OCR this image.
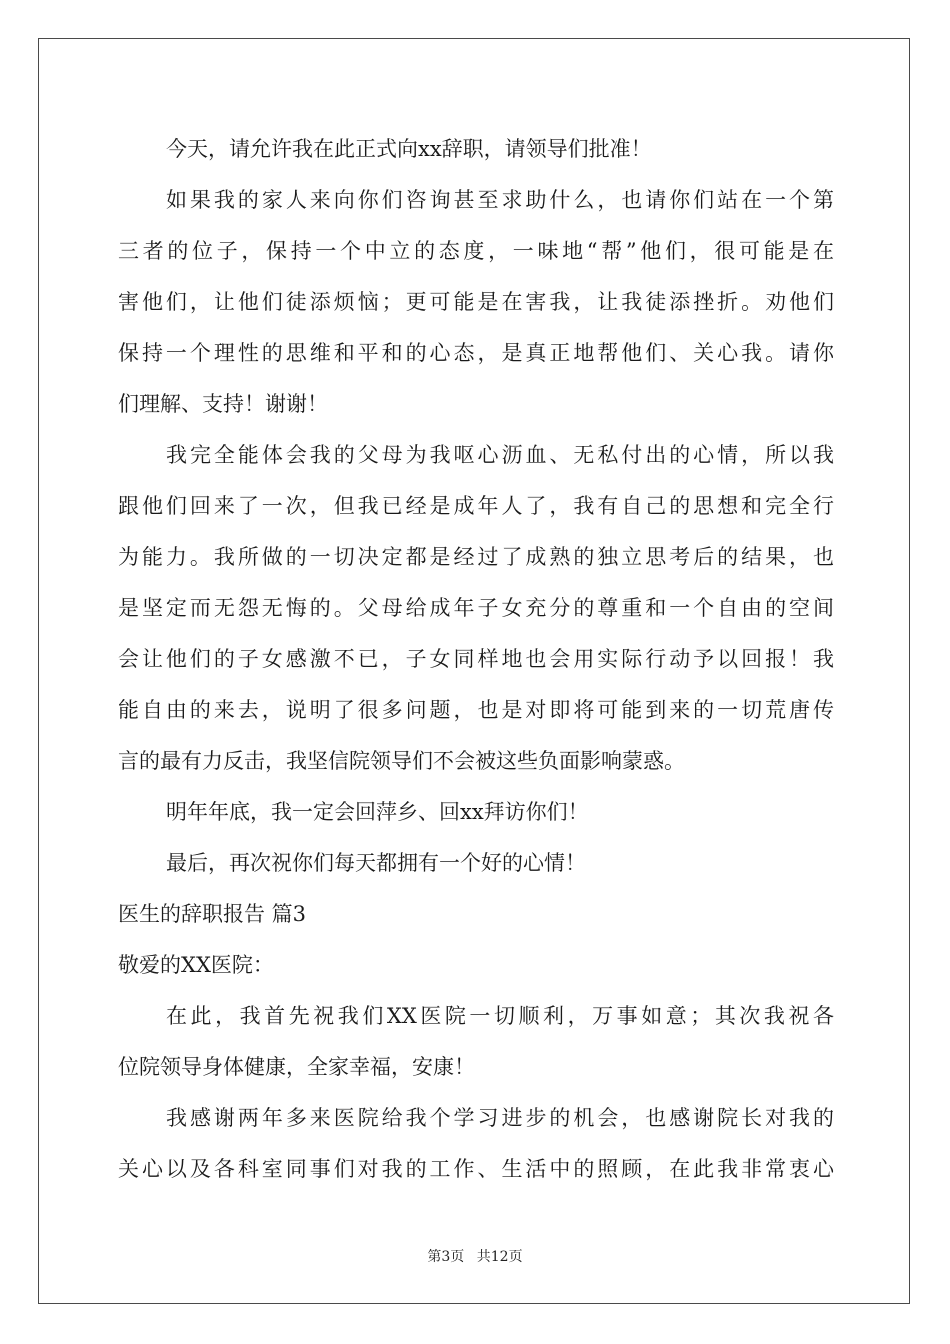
今天，请允许我在此正式向xx辞职，请领导们批准！
如果我的家人来向你们咨询甚至求助什么，也请你们站在一个第
三者的位子，保持一个中立的态度，一味地“帮”他们，很可能是在
害他们，让他们徒添烦恼；更可能是在害我，让我徒添挫折。劝他们
保持一个理性的思维和平和的心态，是真正地帮他们、关心我。请你
们理解、支持！谢谢！
我完全能体会我的父母为我呕心沥血、无私付出的心情，所以我
跟他们回来了一次，但我已经是成年人了，我有自己的思想和完全行
为能力。我所做的一切决定都是经过了成熟的独立思考后的结果，也
是坚定而无怨无悔的。父母给成年子女充分的尊重和一个自由的空间
会让他们的子女感激不已，子女同样地也会用实际行动予以回报！我
能自由的来去，说明了很多问题，也是对即将可能到来的一切荒唐传
言的最有力反击，我坚信院领导们不会被这些负面影响蒙惑。
明年年底，我一定会回萍乡、回xx拜访你们！
最后，再次祝你们每天都拥有一个好的心情！
医生的辞职报告 篇3
敬爱的XX医院：
在此，我首先祝我们XX医院一切顺利，万事如意；其次我祝各
位院领导身体健康，全家幸福，安康！
我感谢两年多来医院给我个学习进步的机会，也感谢院长对我的
关心以及各科室同事们对我的工作、生活中的照顾，在此我非常衷心
第3页 共12页
